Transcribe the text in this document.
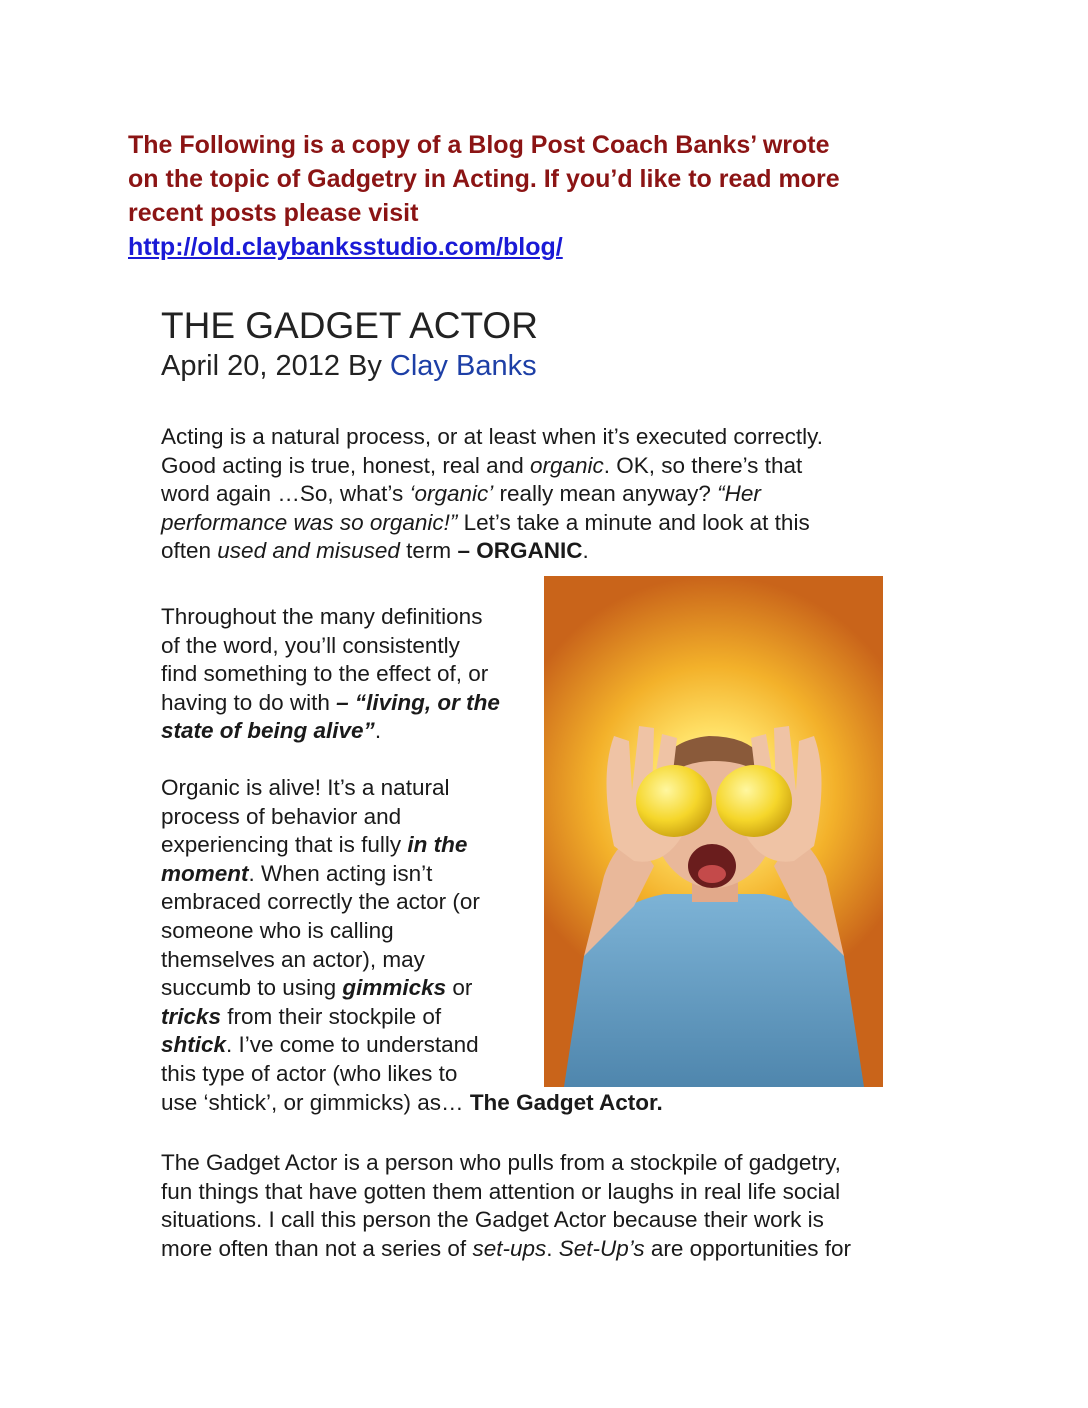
The Following is a copy of a Blog Post Coach Banks’ wrote
on the topic of Gadgetry in Acting. If you’d like to read more
recent posts please visit
http://old.claybanksstudio.com/blog/
THE GADGET ACTOR
April 20, 2012 By Clay Banks
Acting is a natural process, or at least when it’s executed correctly.
Good acting is true, honest, real and organic. OK, so there’s that
word again …So, what’s ‘organic’ really mean anyway? “Her
performance was so organic!” Let’s take a minute and look at this
often used and misused term – ORGANIC.
Throughout the many definitions
of the word, you’ll consistently
find something to the effect of, or
having to do with – “living, or the
state of being alive”.
Organic is alive! It’s a natural
process of behavior and
experiencing that is fully in the
moment. When acting isn’t
embraced correctly the actor (or
someone who is calling
themselves an actor), may
succumb to using gimmicks or
tricks from their stockpile of
shtick. I’ve come to understand
this type of actor (who likes to
use ‘shtick’, or gimmicks) as… The Gadget Actor.
The Gadget Actor is a person who pulls from a stockpile of gadgetry,
fun things that have gotten them attention or laughs in real life social
situations. I call this person the Gadget Actor because their work is
more often than not a series of set-ups. Set-Up’s are opportunities for
